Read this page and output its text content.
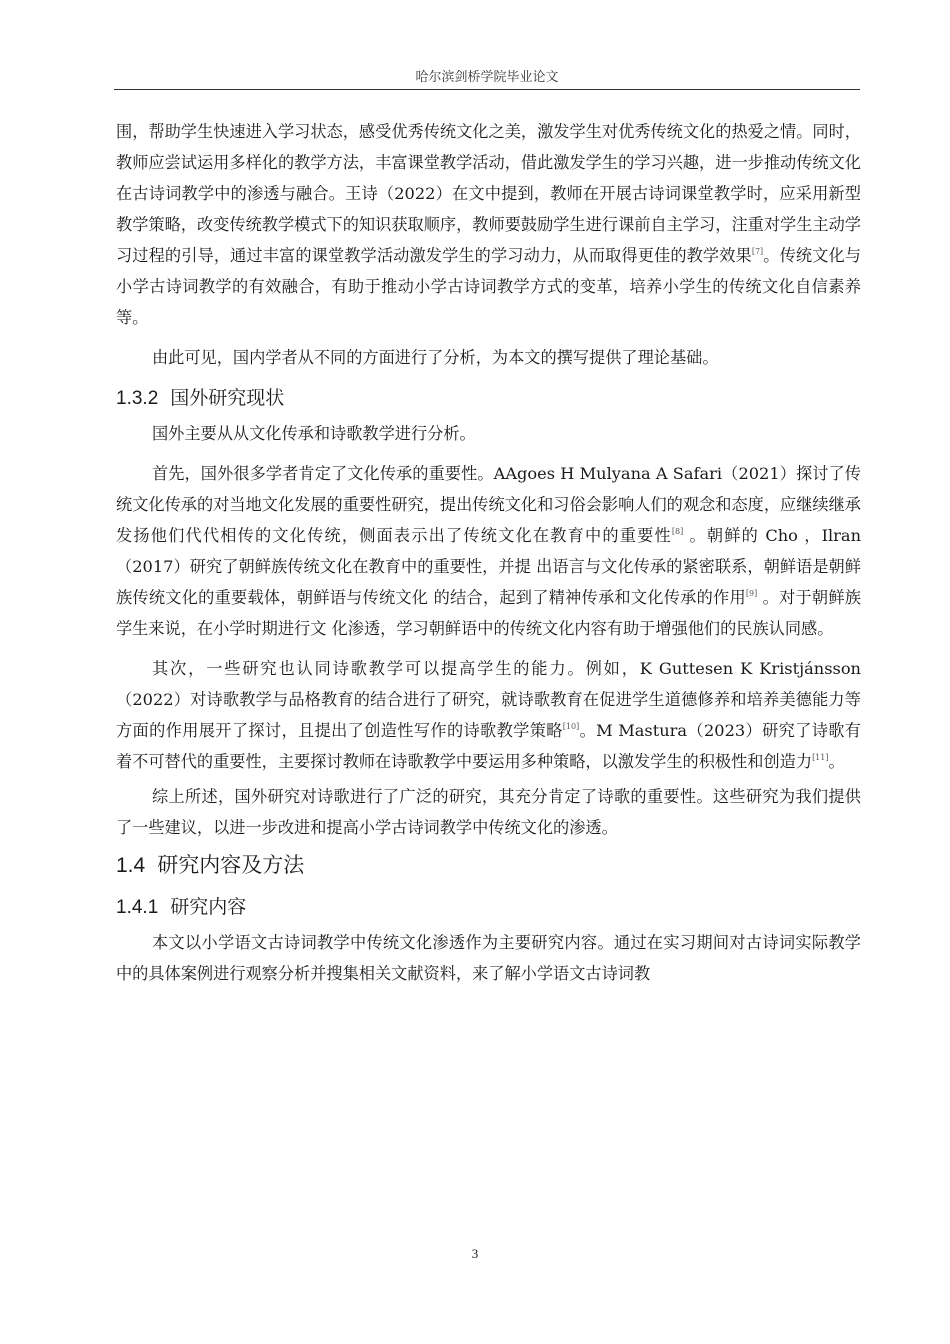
哈尔滨剑桥学院毕业论文

围，帮助学生快速进入学习状态，感受优秀传统文化之美，激发学生对优秀传统文化的热爱之情。同时，教师应尝试运用多样化的教学方法，丰富课堂教学活动，借此激发学生的学习兴趣，进一步推动传统文化在古诗词教学中的渗透与融合。王诗（2022）在文中提到，教师在开展古诗词课堂教学时，应采用新型教学策略，改变传统教学模式下的知识获取顺序，教师要鼓励学生进行课前自主学习，注重对学生主动学习过程的引导，通过丰富的课堂教学活动激发学生的学习动力，从而取得更佳的教学效果[7]。传统文化与小学古诗词教学的有效融合，有助于推动小学古诗词教学方式的变革，培养小学生的传统文化自信素养等。

由此可见，国内学者从不同的方面进行了分析，为本文的撰写提供了理论基础。

1.3.2 国外研究现状

国外主要从从文化传承和诗歌教学进行分析。

首先，国外很多学者肯定了文化传承的重要性。AAgoes H Mulyana A Safari（2021）探讨了传统文化传承的对当地文化发展的重要性研究，提出传统文化和习俗会影响人们的观念和态度，应继续继承发扬他们代代相传的文化传统，侧面表示出了传统文化在教育中的重要性[8] 。朝鲜的 Cho ，Ilran（2017）研究了朝鲜族传统文化在教育中的重要性，并提 出语言与文化传承的紧密联系，朝鲜语是朝鲜族传统文化的重要载体，朝鲜语与传统文化 的结合，起到了精神传承和文化传承的作用[9] 。对于朝鲜族学生来说，在小学时期进行文 化渗透，学习朝鲜语中的传统文化内容有助于增强他们的民族认同感。

其次，一些研究也认同诗歌教学可以提高学生的能力。例如，K Guttesen K Kristjánsson（2022）对诗歌教学与品格教育的结合进行了研究，就诗歌教育在促进学生道德修养和培养美德能力等方面的作用展开了探讨，且提出了创造性写作的诗歌教学策略[10]。M Mastura（2023）研究了诗歌有着不可替代的重要性，主要探讨教师在诗歌教学中要运用多种策略，以激发学生的积极性和创造力[11]。

综上所述，国外研究对诗歌进行了广泛的研究，其充分肯定了诗歌的重要性。这些研究为我们提供了一些建议，以进一步改进和提高小学古诗词教学中传统文化的渗透。

1.4 研究内容及方法
1.4.1 研究内容

本文以小学语文古诗词教学中传统文化渗透作为主要研究内容。通过在实习期间对古诗词实际教学中的具体案例进行观察分析并搜集相关文献资料，来了解小学语文古诗词教

3
